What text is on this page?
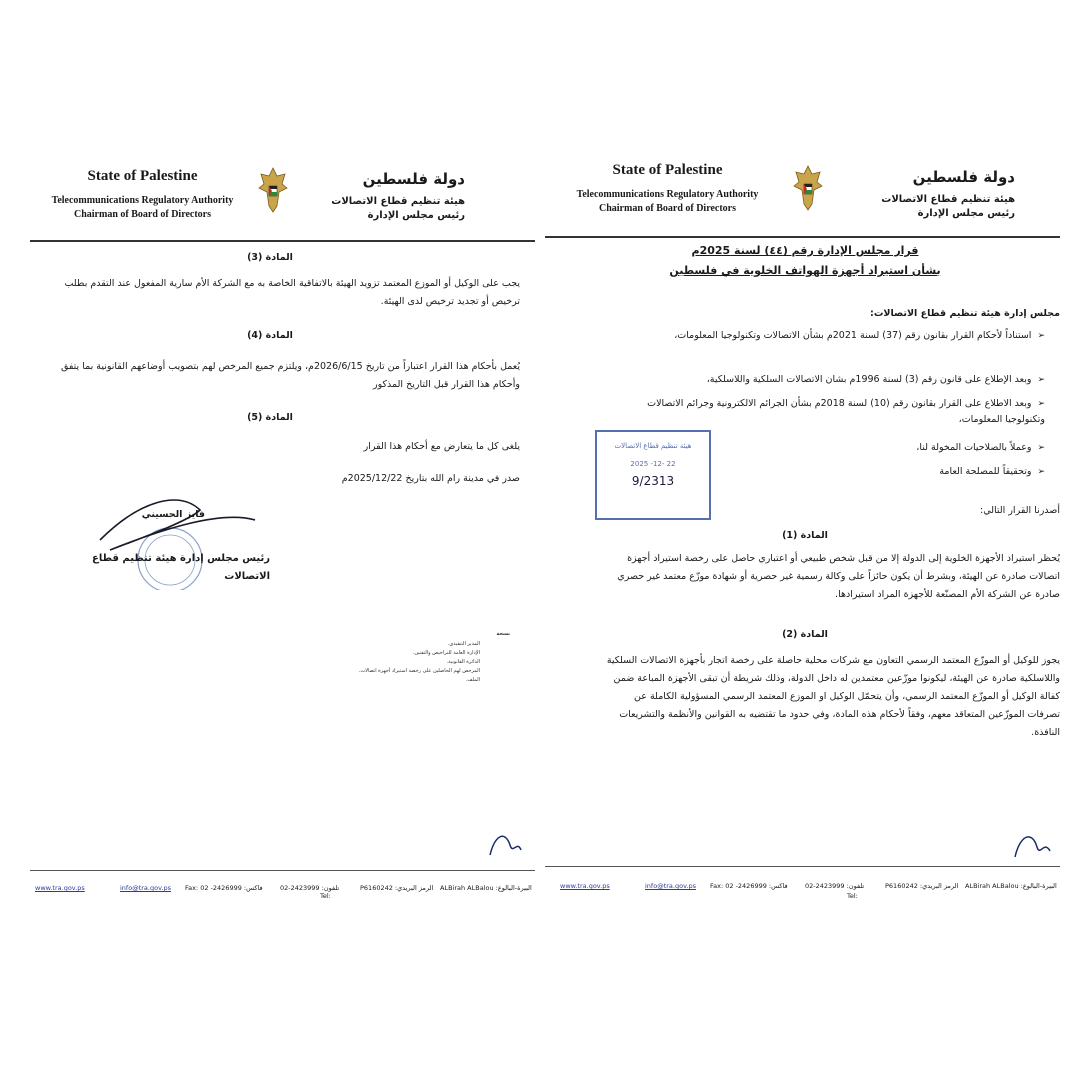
State of Palestine
Telecommunications Regulatory Authority
Chairman of Board of Directors
دولة فلسطين
هيئة تنظيم قطاع الاتصالات
رئيس مجلس الإدارة
المادة (3)
يجب على الوكيل أو الموزع المعتمد تزويد الهيئة بالاتفاقية الخاصة به مع الشركة الأم سارية المفعول عند التقدم بطلب ترخيص أو تجديد ترخيص لدى الهيئة.
المادة (4)
يُعمل بأحكام هذا القرار اعتباراً من تاريخ 2026/6/15م، ويلتزم جميع المرخص لهم بتصويب أوضاعهم القانونية بما يتفق وأحكام هذا القرار قبل التاريخ المذكور
المادة (5)
يلغى كل ما يتعارض مع أحكام هذا القرار
صدر في مدينة رام الله بتاريخ 2025/12/22م
فايز الحسيني
رئيس مجلس إدارة هيئة تنظيم قطاع الاتصالات
نسخة
المدير التنفيذي.
الإدارة العامة للتراخيص والتقنين.
الدائرة القانونية.
المرخص لهم الحاصلين على رخصة استيراد أجهزة اتصالات.
الملف.
www.tra.gov.ps	info@tra.gov.ps	Fax: 02 -2426999 :فاكس	02-2423999 :تلفون	P6160242 :الرمز البريدي	ALBirah ALBalou :البيرة-البالوع
Tel:
State of Palestine
Telecommunications Regulatory Authority
Chairman of Board of Directors
دولة فلسطين
هيئة تنظيم قطاع الاتصالات
رئيس مجلس الإدارة
قرار مجلس الإدارة رقم (٤٤) لسنة 2025م
بشأن استيراد أجهزة الهواتف الخلوية في فلسطين
مجلس إدارة هيئة تنظيم قطاع الاتصالات:
➢استناداً لأحكام القرار بقانون رقم (37) لسنة 2021م بشأن الاتصالات وتكنولوجيا المعلومات،
➢وبعد الإطلاع على قانون رقم (3) لسنة 1996م بشان الاتصالات السلكية واللاسلكية،
➢وبعد الاطلاع على القرار بقانون رقم (10) لسنة 2018م بشأن الجرائم الالكترونية وجرائم الاتصالات وتكنولوجيا المعلومات،
➢وعملاً بالصلاحيات المخولة لنا،
➢وتحقيقاً للمصلحة العامة
هيئة تنظيم قطاع الاتصالات
2025 -12- 22
9/2313
أصدرنا القرار التالي:
المادة (1)
يُحظر استيراد الأجهزة الخلوية إلى الدولة إلا من قبل شخص طبيعي أو اعتباري حاصل على رخصة استيراد أجهزة اتصالات صادرة عن الهيئة، وبشرط أن يكون حائزاً على وكالة رسمية غير حصرية أو شهادة موزّع معتمد غير حصري صادرة عن الشركة الأم المصنّعة للأجهزة المراد استيرادها.
المادة (2)
يجوز للوكيل أو الموزّع المعتمد الرسمي التعاون مع شركات محلية حاصلة على رخصة اتجار بأجهزة الاتصالات السلكية واللاسلكية صادرة عن الهيئة، ليكونوا موزّعين معتمدين له داخل الدولة، وذلك شريطة أن تبقى الأجهزة المباعة ضمن كفالة الوكيل أو الموزّع المعتمد الرسمي، وأن يتحمّل الوكيل او الموزع المعتمد الرسمي المسؤولية الكاملة عن تصرفات الموزّعين المتعاقد معهم، وفقاً لأحكام هذه المادة، وفي حدود ما تقتضيه به القوانين والأنظمة والتشريعات النافذة.
www.tra.gov.ps	info@tra.gov.ps	Fax: 02 -2426999 :فاكس	02-2423999 :تلفون	P6160242 :الرمز البريدي	ALBirah ALBalou :البيرة-البالوع
Tel:
